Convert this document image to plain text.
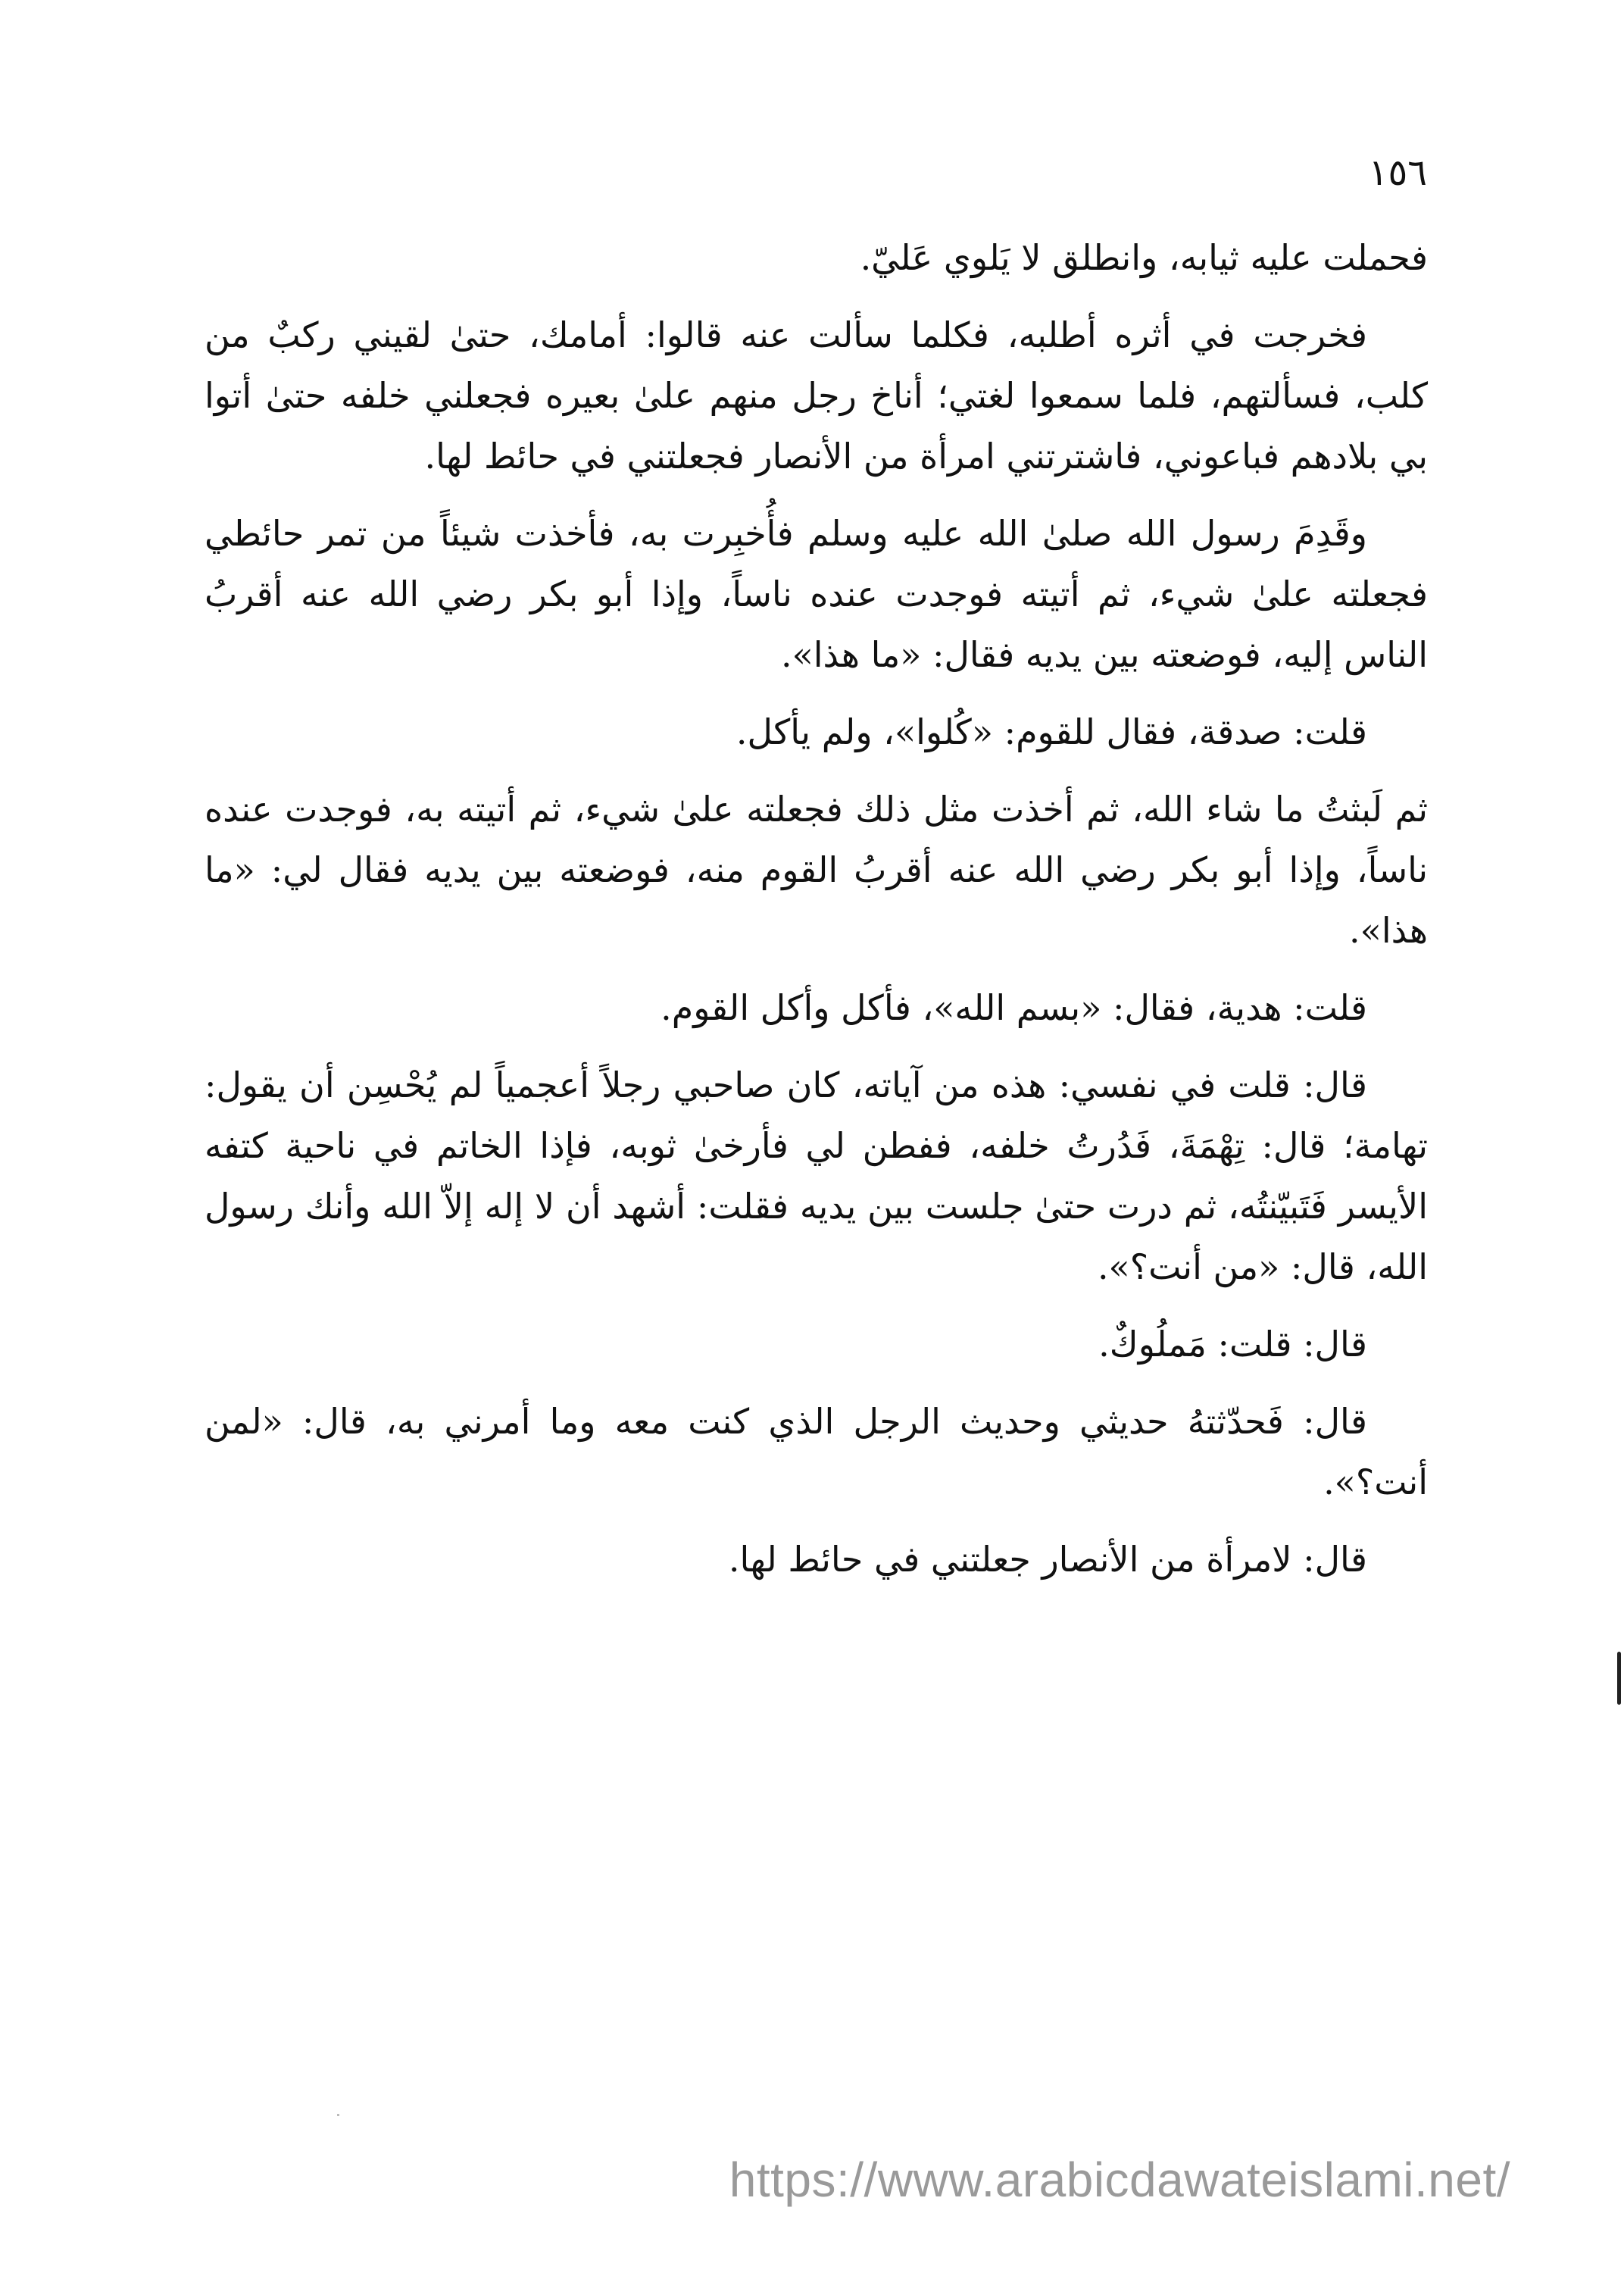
١٥٦

فحملت عليه ثيابه، وانطلق لا يَلوي عَليّ.

فخرجت في أثره أطلبه، فكلما سألت عنه قالوا: أمامك، حتىٰ لقيني ركبٌ من كلب، فسألتهم، فلما سمعوا لغتي؛ أناخ رجل منهم علىٰ بعيره فجعلني خلفه حتىٰ أتوا بي بلادهم فباعوني، فاشترتني امرأة من الأنصار فجعلتني في حائط لها.

وقَدِمَ رسول الله صلىٰ الله عليه وسلم فأُخبِرت به، فأخذت شيئاً من تمر حائطي فجعلته علىٰ شيء، ثم أتيته فوجدت عنده ناساً، وإذا أبو بكر رضي الله عنه أقربُ الناس إليه، فوضعته بين يديه فقال: «ما هذا».

قلت: صدقة، فقال للقوم: «كُلوا»، ولم يأكل.

ثم لَبثتُ ما شاء الله، ثم أخذت مثل ذلك فجعلته علىٰ شيء، ثم أتيته به، فوجدت عنده ناساً، وإذا أبو بكر رضي الله عنه أقربُ القوم منه، فوضعته بين يديه فقال لي: «ما هذا».

قلت: هدية، فقال: «بسم الله»، فأكل وأكل القوم.

قال: قلت في نفسي: هذه من آياته، كان صاحبي رجلاً أعجمياً لم يُحْسِن أن يقول: تهامة؛ قال: تِهْمَةَ، فَدُرتُ خلفه، ففطن لي فأرخىٰ ثوبه، فإذا الخاتم في ناحية كتفه الأيسر فَتَبيّنتُه، ثم درت حتىٰ جلست بين يديه فقلت: أشهد أن لا إله إلاّ الله وأنك رسول الله، قال: «من أنت؟».

قال: قلت: مَملُوكٌ.

قال: فَحدّثتهُ حديثي وحديث الرجل الذي كنت معه وما أمرني به، قال: «لمن أنت؟».

قال: لامرأة من الأنصار جعلتني في حائط لها.

https://www.arabicdawateislami.net/
